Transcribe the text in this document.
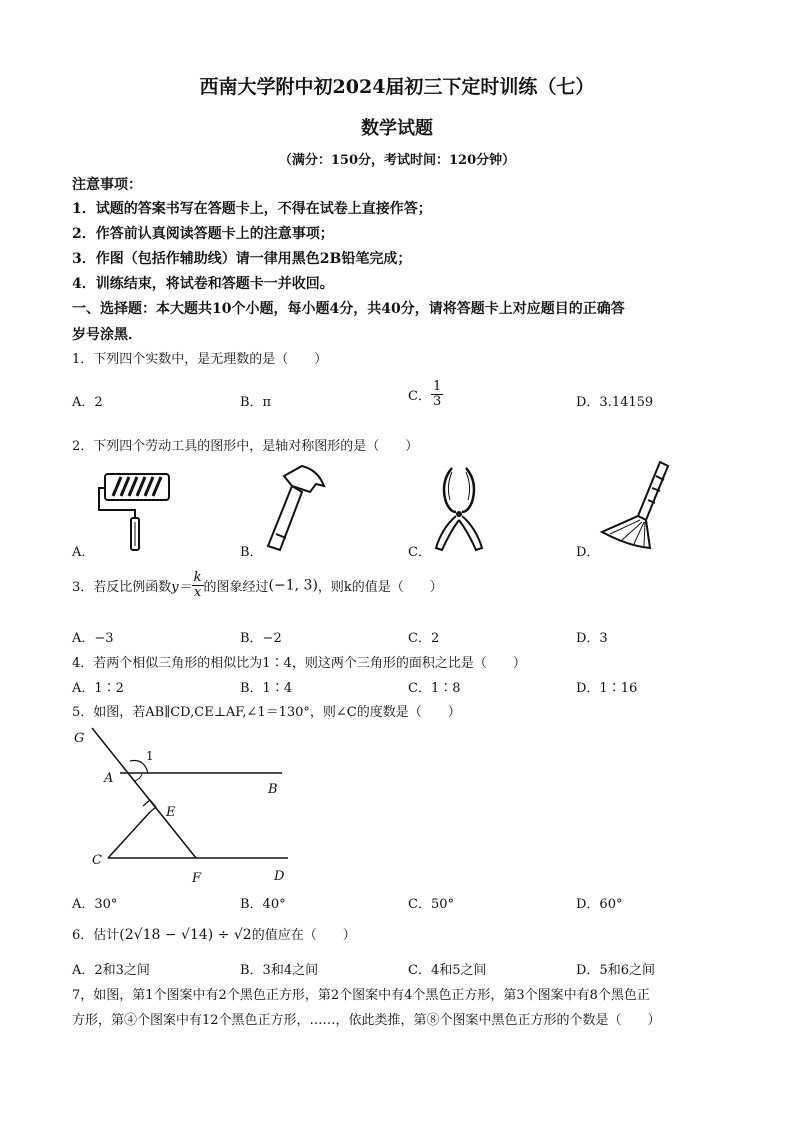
西南大学附中初2024届初三下定时训练（七）
数学试题
（满分：150分，考试时间：120分钟）
注意事项：
1．试题的答案书写在答题卡上，不得在试卷上直接作答；
2．作答前认真阅读答题卡上的注意事项；
3．作图（包括作辅助线）请一律用黑色2B铅笔完成；
4．训练结束，将试卷和答题卡一并收回。
一、选择题：本大题共10个小题，每小题4分，共40分，请将答题卡上对应题目的正确答
岁号涂黑．
1．下列四个实数中，是无理数的是（　　）
A．2	B．π	C． $\frac{1}{3}$	D．3.14159
2．下列四个劳动工具的图形中，是轴对称图形的是（　　）
A．	B．	C．	D．
3．若反比例函数$y= \frac{k}{x}$ 的图象经过(−1, 3)，则k的值是（　　）
A．−3	B．−2	C．2	D．3
4．若两个相似三角形的相似比为1∶4，则这两个三角形的面积之比是（　　）
A．1∶2	B．1∶4	C．1∶8	D．1∶16
5．如图，若AB∥CD,CE⊥AF,∠1＝130°，则∠C的度数是（　　）
G
1
A
B
E
C
F	D
A．30°	B．40°	C．50°	D．60°
6．估计(2√18 − √14) ÷ √2的值应在（　　）
A．2和3之间	B．3和4之间	C．4和5之间	D．5和6之间
7，如图，第1个图案中有2个黑色正方形，第2个图案中有4个黑色正方形，第3个图案中有8个黑色正
方形，第④个图案中有12个黑色正方形，……，依此类推，第⑧个图案中黑色正方形的个数是（　　）
